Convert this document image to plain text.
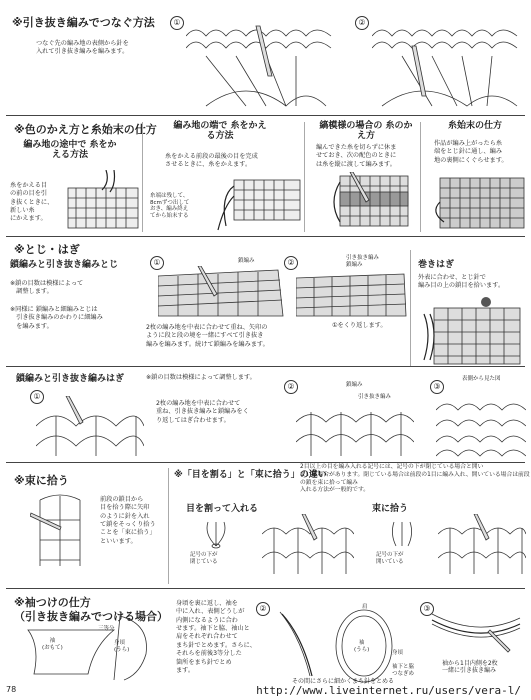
※引き抜き編みでつなぐ方法
つなぐ先の編み地の表側から針を
入れて引き抜き編みを編みます。
①	②
※色のかえ方と糸始末の仕方
編み地の途中で 糸をかえる方法
糸をかえる目
の前の目を引
き抜くときに、
新しい糸
にかえます。
編み地の端で 糸をかえる方法
糸をかえる前段の最後の目を完成
させるときに、糸をかえます。
糸端は残して、
8cmずつ出して
おき、編み終え
てから始末する
縞模様の場合の 糸のかえ方
編んできた糸を切らずに休ま
せておき、次の配色のときに
は糸を縦に渡して編みます。
糸始末の仕方
作品が編み上がったら糸
端をとじ針に通し、編み
地の裏側にくぐらせます。
※とじ・はぎ
鎖編みと引き抜き編みとじ
※鎖の目数は模様によって
　調整します。
※同様に 鎖編みと細編みとじは
　引き抜き編みのかわりに細編み
　を編みます。
①	鎖編み	②	引き抜き編み
鎖編み
2枚の編み地を中表に合わせて重ね、矢印の
ように段と段の境を一緒にすべて引き抜き
編みを編みます。続けて鎖編みを編みます。
①をくり返します。
巻きはぎ
外表に合わせ、とじ針で
編み目の上の鎖目を拾います。
鎖編みと引き抜き編みはぎ	※鎖の目数は模様によって調整します。
①
2枚の編み地を中表に合わせて
重ね、引き抜き編みと鎖編みをく
り返してはぎ合わせます。
②	鎖編み
引き抜き編み
③
表側から見た図
※束に拾う
前段の鎖目から
目を拾う際に矢印
のように針を入れ
て鎖をそっくり拾う
ことを「束に拾う」
といいます。
※「目を割る」と「束に拾う」の違い
2目以上の目を編み入れる記号には、記号の下が閉じている場合と開い
ている場合があります。閉じている場合は前段の1目に編み入れ、開いている場合は前段の鎖を束に拾って編み
入れる方法が一般的です。
目を割って入れる
記号の下が
閉じている
束に拾う
記号の下が
開いている
※袖つけの仕方
（引き抜き編みでつける場合）
袖
(おもて)
三等分
身頃
(うら)
身頃を裏に返し、袖を
中に入れ、表側どうしが
内側になるように合わ
せます。袖下と脇、袖山と
肩をそれぞれ合わせて
まち針でとめます。さらに、
それらを前後3等分した
箇所をまち針でとめ
ます。
②	肩
袖
(うら)
身頃
袖下と脇
つなぎめ
その間にさらに細かくまち針をとめる
③
袖から1目内側を2枚
一緒に引き抜き編み
78	http://www.liveinternet.ru/users/vera-l/
